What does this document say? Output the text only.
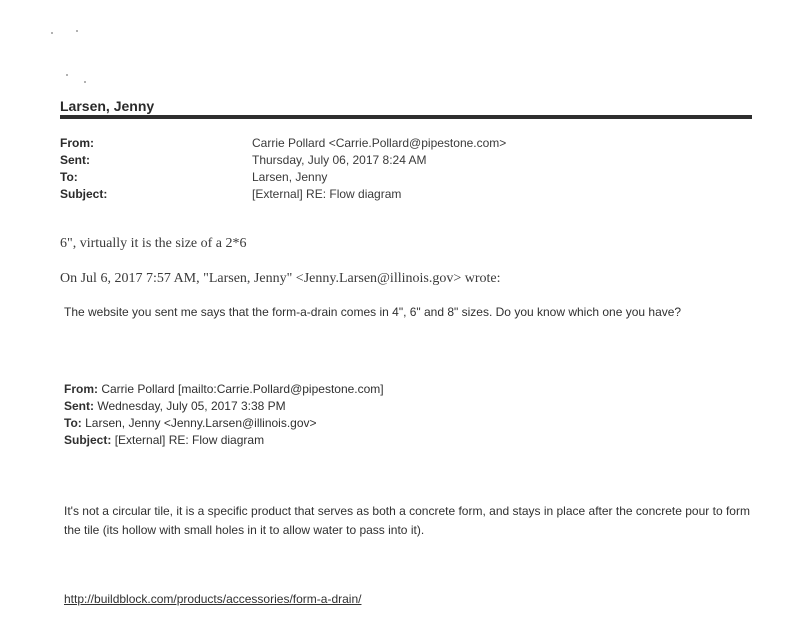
Larsen, Jenny
From:	Carrie Pollard <Carrie.Pollard@pipestone.com>
Sent:	Thursday, July 06, 2017 8:24 AM
To:	Larsen, Jenny
Subject:	[External] RE: Flow diagram
6", virtually it is the size of a 2*6
On Jul 6, 2017 7:57 AM, "Larsen, Jenny" <Jenny.Larsen@illinois.gov> wrote:
The website you sent me says that the form-a-drain comes in 4", 6" and 8" sizes. Do you know which one you have?
From: Carrie Pollard [mailto:Carrie.Pollard@pipestone.com]
Sent: Wednesday, July 05, 2017 3:38 PM
To: Larsen, Jenny <Jenny.Larsen@illinois.gov>
Subject: [External] RE: Flow diagram
It's not a circular tile, it is a specific product that serves as both a concrete form, and stays in place after the concrete pour to form the tile (its hollow with small holes in it to allow water to pass into it).
http://buildblock.com/products/accessories/form-a-drain/
